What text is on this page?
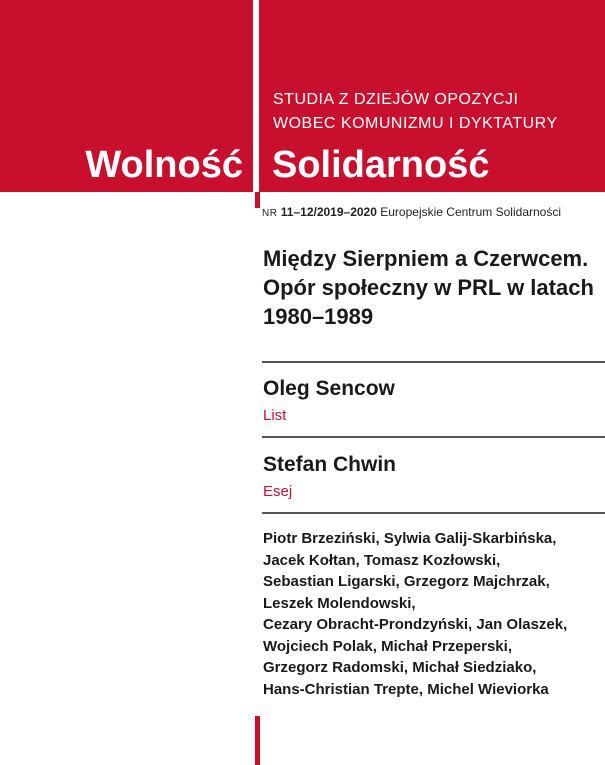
STUDIA Z DZIEJÓW OPOZYCJI
WOBEC KOMUNIZMU I DYKTATURY
Wolność Solidarność
NR 11–12/2019–2020 Europejskie Centrum Solidarności
Między Sierpniem a Czerwcem.
Opór społeczny w PRL w latach
1980–1989
Oleg Sencow
List
Stefan Chwin
Esej
Piotr Brzeziński, Sylwia Galij-Skarbińska,
Jacek Kołtan, Tomasz Kozłowski,
Sebastian Ligarski, Grzegorz Majchrzak,
Leszek Molendowski,
Cezary Obracht-Prondzyński, Jan Olaszek,
Wojciech Polak, Michał Przeperski,
Grzegorz Radomski, Michał Siedziako,
Hans-Christian Trepte, Michel Wieviorka
